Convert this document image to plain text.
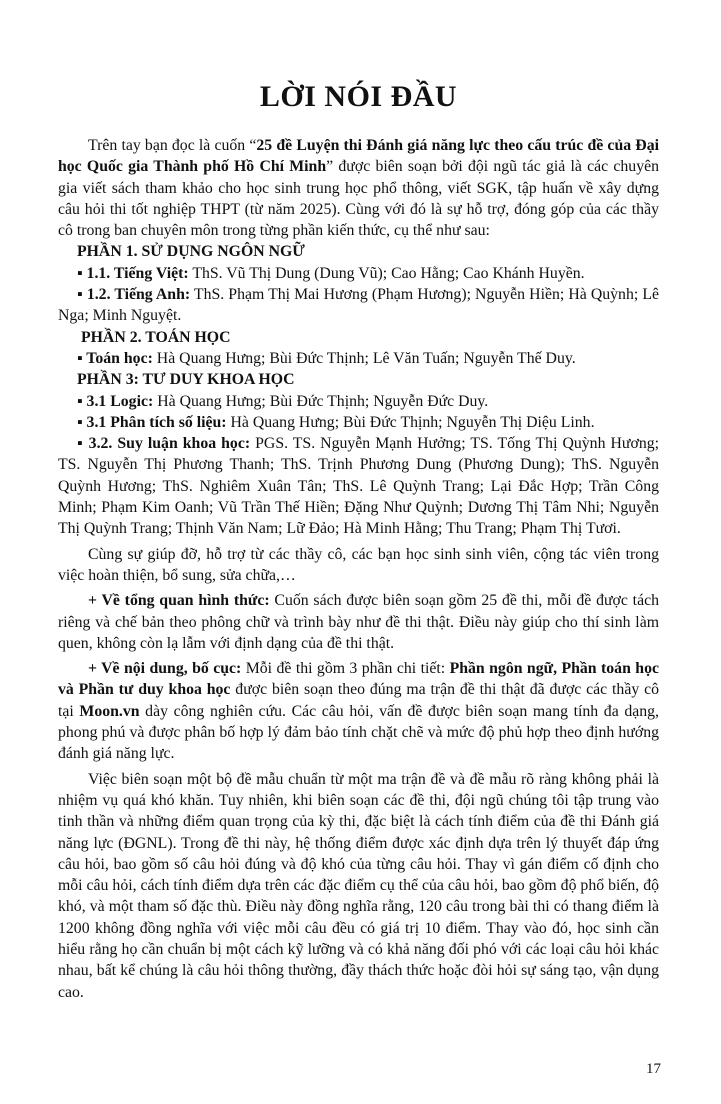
LỜI NÓI ĐẦU

Trên tay bạn đọc là cuốn “25 đề Luyện thi Đánh giá năng lực theo cấu trúc đề của Đại học Quốc gia Thành phố Hồ Chí Minh” được biên soạn bởi đội ngũ tác giả là các chuyên gia viết sách tham khảo cho học sinh trung học phổ thông, viết SGK, tập huấn về xây dựng câu hỏi thi tốt nghiệp THPT (từ năm 2025). Cùng với đó là sự hỗ trợ, đóng góp của các thầy cô trong ban chuyên môn trong từng phần kiến thức, cụ thể như sau:

PHẦN 1. SỬ DỤNG NGÔN NGỮ

▪ 1.1. Tiếng Việt: ThS. Vũ Thị Dung (Dung Vũ); Cao Hằng; Cao Khánh Huyền.

▪ 1.2. Tiếng Anh: ThS. Phạm Thị Mai Hương (Phạm Hương); Nguyễn Hiền; Hà Quỳnh; Lê Nga; Minh Nguyệt.

PHẦN 2. TOÁN HỌC

▪ Toán học: Hà Quang Hưng; Bùi Đức Thịnh; Lê Văn Tuấn; Nguyễn Thế Duy.

PHẦN 3: TƯ DUY KHOA HỌC

▪ 3.1 Logic: Hà Quang Hưng; Bùi Đức Thịnh; Nguyễn Đức Duy.

▪ 3.1 Phân tích số liệu: Hà Quang Hưng; Bùi Đức Thịnh; Nguyễn Thị Diệu Linh.

▪ 3.2. Suy luận khoa học: PGS. TS. Nguyễn Mạnh Hưởng; TS. Tống Thị Quỳnh Hương; TS. Nguyễn Thị Phương Thanh; ThS. Trịnh Phương Dung (Phương Dung); ThS. Nguyễn Quỳnh Hương; ThS. Nghiêm Xuân Tân; ThS. Lê Quỳnh Trang; Lại Đắc Hợp; Trần Công Minh; Phạm Kim Oanh; Vũ Trần Thế Hiền; Đặng Như Quỳnh; Dương Thị Tâm Nhi; Nguyễn Thị Quỳnh Trang; Thịnh Văn Nam; Lữ Đảo; Hà Minh Hằng; Thu Trang; Phạm Thị Tươi.

Cùng sự giúp đỡ, hỗ trợ từ các thầy cô, các bạn học sinh sinh viên, cộng tác viên trong việc hoàn thiện, bổ sung, sửa chữa,…

+ Về tổng quan hình thức: Cuốn sách được biên soạn gồm 25 đề thi, mỗi đề được tách riêng và chế bản theo phông chữ và trình bày như đề thi thật. Điều này giúp cho thí sinh làm quen, không còn lạ lẫm với định dạng của đề thi thật.

+ Về nội dung, bố cục: Mỗi đề thi gồm 3 phần chi tiết: Phần ngôn ngữ, Phần toán học và Phần tư duy khoa học được biên soạn theo đúng ma trận đề thi thật đã được các thầy cô tại Moon.vn dày công nghiên cứu. Các câu hỏi, vấn đề được biên soạn mang tính đa dạng, phong phú và được phân bố hợp lý đảm bảo tính chặt chẽ và mức độ phủ hợp theo định hướng đánh giá năng lực.

Việc biên soạn một bộ đề mẫu chuẩn từ một ma trận đề và đề mẫu rõ ràng không phải là nhiệm vụ quá khó khăn. Tuy nhiên, khi biên soạn các đề thi, đội ngũ chúng tôi tập trung vào tinh thần và những điểm quan trọng của kỳ thi, đặc biệt là cách tính điểm của đề thi Đánh giá năng lực (ĐGNL). Trong đề thi này, hệ thống điểm được xác định dựa trên lý thuyết đáp ứng câu hỏi, bao gồm số câu hỏi đúng và độ khó của từng câu hỏi. Thay vì gán điểm cố định cho mỗi câu hỏi, cách tính điểm dựa trên các đặc điểm cụ thể của câu hỏi, bao gồm độ phổ biến, độ khó, và một tham số đặc thù. Điều này đồng nghĩa rằng, 120 câu trong bài thi có thang điểm là 1200 không đồng nghĩa với việc mỗi câu đều có giá trị 10 điểm. Thay vào đó, học sinh cần hiểu rằng họ cần chuẩn bị một cách kỹ lưỡng và có khả năng đối phó với các loại câu hỏi khác nhau, bất kể chúng là câu hỏi thông thường, đầy thách thức hoặc đòi hỏi sự sáng tạo, vận dụng cao.

17
